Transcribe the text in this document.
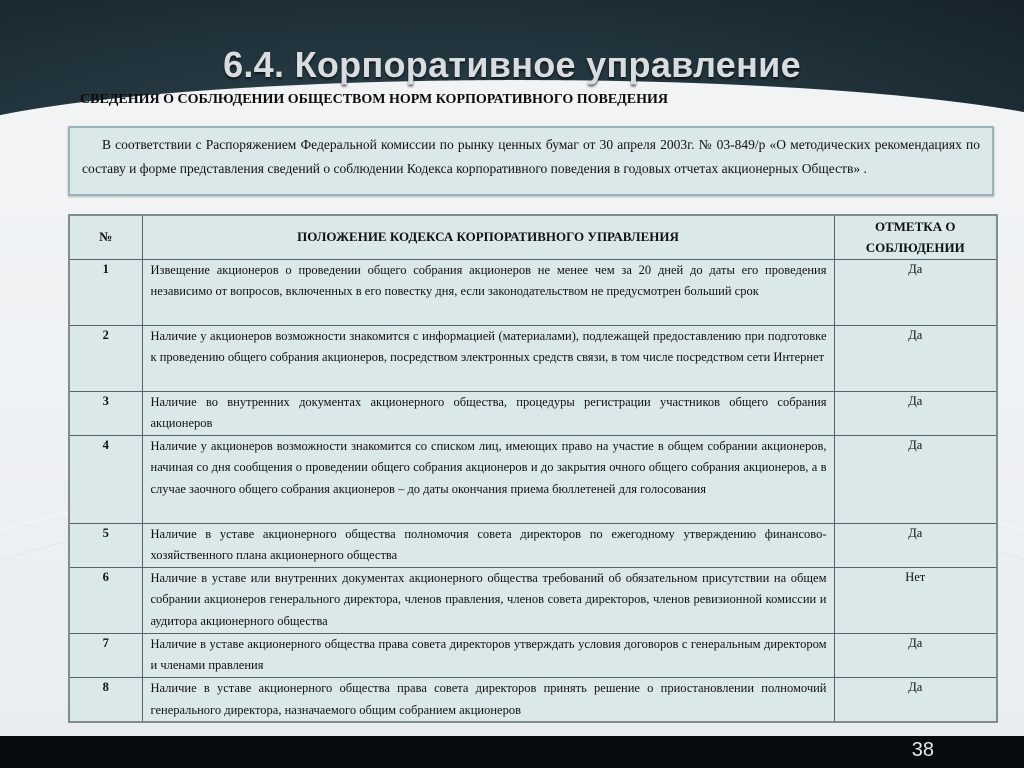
6.4. Корпоративное управление
СВЕДЕНИЯ О СОБЛЮДЕНИИ ОБЩЕСТВОМ НОРМ КОРПОРАТИВНОГО ПОВЕДЕНИЯ
В соответствии с Распоряжением Федеральной комиссии по рынку ценных бумаг от 30 апреля 2003г. № 03-849/р «О методических рекомендациях по составу и форме представления сведений о соблюдении Кодекса корпоративного поведения в годовых отчетах акционерных Обществ» .
№	ПОЛОЖЕНИЕ КОДЕКСА КОРПОРАТИВНОГО УПРАВЛЕНИЯ	ОТМЕТКА О СОБЛЮДЕНИИ
1	Извещение акционеров о проведении общего собрания акционеров не менее чем за 20 дней до даты его проведения независимо от вопросов, включенных в его повестку дня, если законодательством не предусмотрен больший срок	Да
2	Наличие у акционеров возможности знакомится с информацией (материалами), подлежащей предоставлению при подготовке к проведению общего собрания акционеров, посредством электронных средств связи, в том числе посредством сети Интернет	Да
3	Наличие во внутренних документах акционерного общества, процедуры регистрации участников общего собрания акционеров	Да
4	Наличие у акционеров возможности знакомится со списком лиц, имеющих право на участие в общем собрании акционеров, начиная со дня сообщения о проведении общего собрания акционеров и до закрытия очного общего собрания акционеров, а в случае заочного общего собрания акционеров – до даты окончания приема бюллетеней для голосования	Да
5	Наличие в уставе акционерного общества полномочия совета директоров по ежегодному утверждению финансово-хозяйственного плана акционерного общества	Да
6	Наличие в уставе или внутренних документах акционерного общества требований об обязательном присутствии на общем собрании акционеров генерального директора, членов правления, членов совета директоров, членов ревизионной комиссии и аудитора акционерного общества	Нет
7	Наличие в уставе акционерного общества права совета директоров утверждать условия договоров с генеральным директором и членами правления	Да
8	Наличие в уставе акционерного общества права совета директоров принять решение о приостановлении полномочий генерального директора, назначаемого общим собранием акционеров	Да
38
